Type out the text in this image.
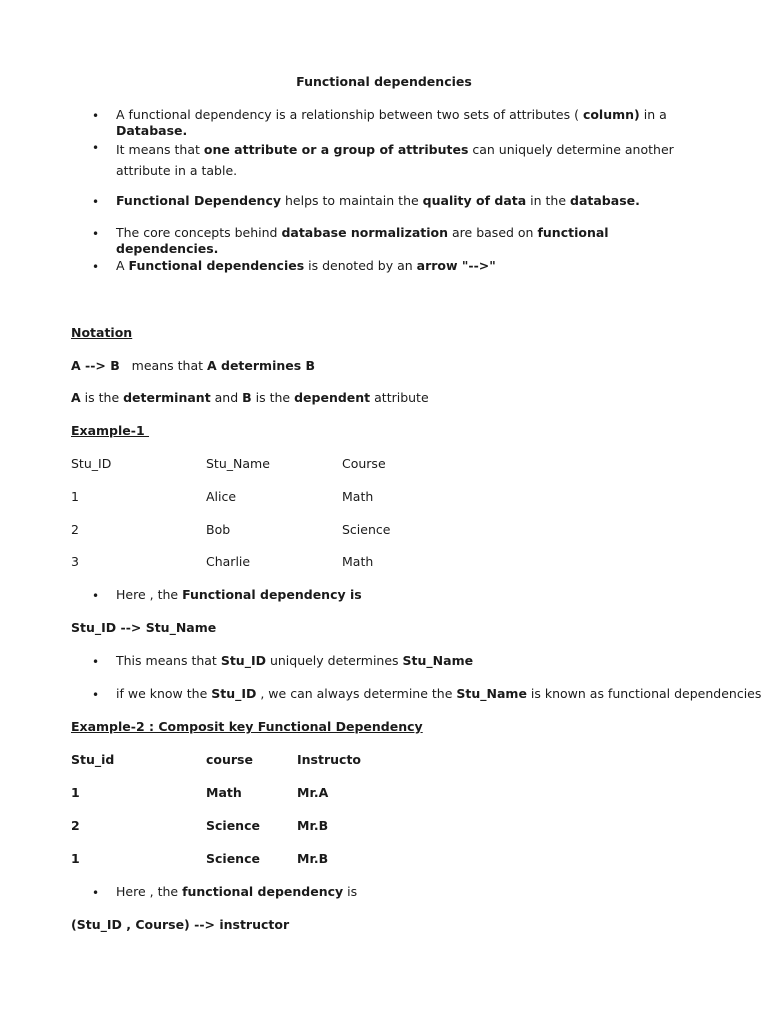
Functional dependencies
• A functional dependency is a relationship between two sets of attributes ( column) in a Database.
• It means that one attribute or a group of attributes can uniquely determine another attribute in a table.
• Functional Dependency helps to maintain the quality of data in the database.
• The core concepts behind database normalization are based on functional dependencies.
• A Functional dependencies is denoted by an arrow "-->"
Notation
A --> B   means that A determines B
A is the determinant and B is the dependent attribute
Example-1
Stu_ID	Stu_Name	Course
1	Alice	Math
2	Bob	Science
3	Charlie	Math
• Here , the Functional dependency is
Stu_ID --> Stu_Name
• This means that Stu_ID uniquely determines Stu_Name
• if we know the Stu_ID , we can always determine the Stu_Name is known as functional dependencies
Example-2 : Composit key Functional Dependency
Stu_id	course	Instructo
1	Math	Mr.A
2	Science	Mr.B
1	Science	Mr.B
• Here , the functional dependency is
(Stu_ID , Course) --> instructor
